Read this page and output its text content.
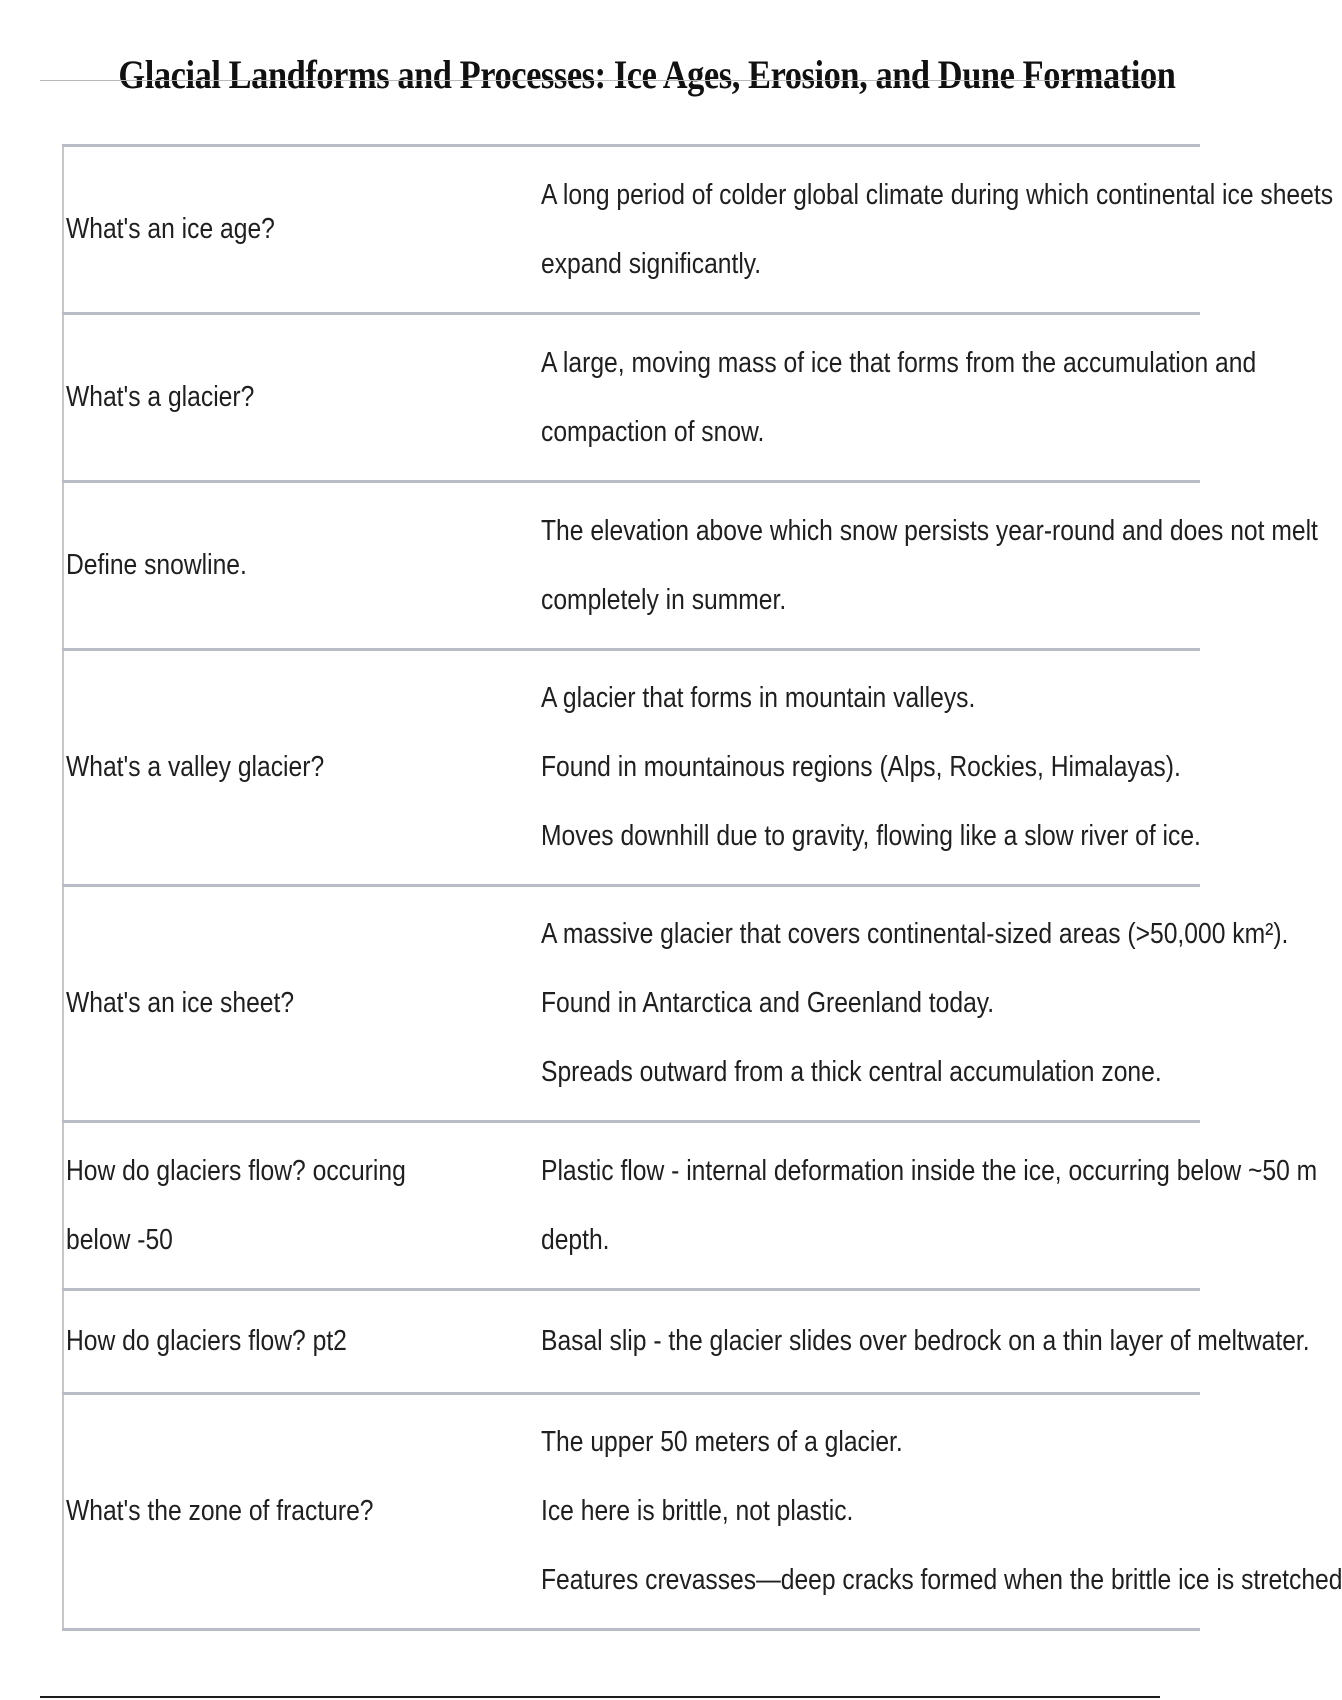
Glacial Landforms and Processes: Ice Ages, Erosion, and Dune Formation
What's an ice age?	A long period of colder global climate during which continental ice sheets
expand significantly.

What's a glacier?	A large, moving mass of ice that forms from the accumulation and
compaction of snow.

Define snowline.	The elevation above which snow persists year-round and does not melt
completely in summer.

What's a valley glacier?	A glacier that forms in mountain valleys.
Found in mountainous regions (Alps, Rockies, Himalayas).
Moves downhill due to gravity, flowing like a slow river of ice.

What's an ice sheet?	A massive glacier that covers continental-sized areas (>50,000 km²).
Found in Antarctica and Greenland today.
Spreads outward from a thick central accumulation zone.

How do glaciers flow? occuring below -50	Plastic flow - internal deformation inside the ice, occurring below ~50 m
depth.

How do glaciers flow? pt2	Basal slip - the glacier slides over bedrock on a thin layer of meltwater.

What's the zone of fracture?	The upper 50 meters of a glacier.
Ice here is brittle, not plastic.
Features crevasses—deep cracks formed when the brittle ice is stretched
